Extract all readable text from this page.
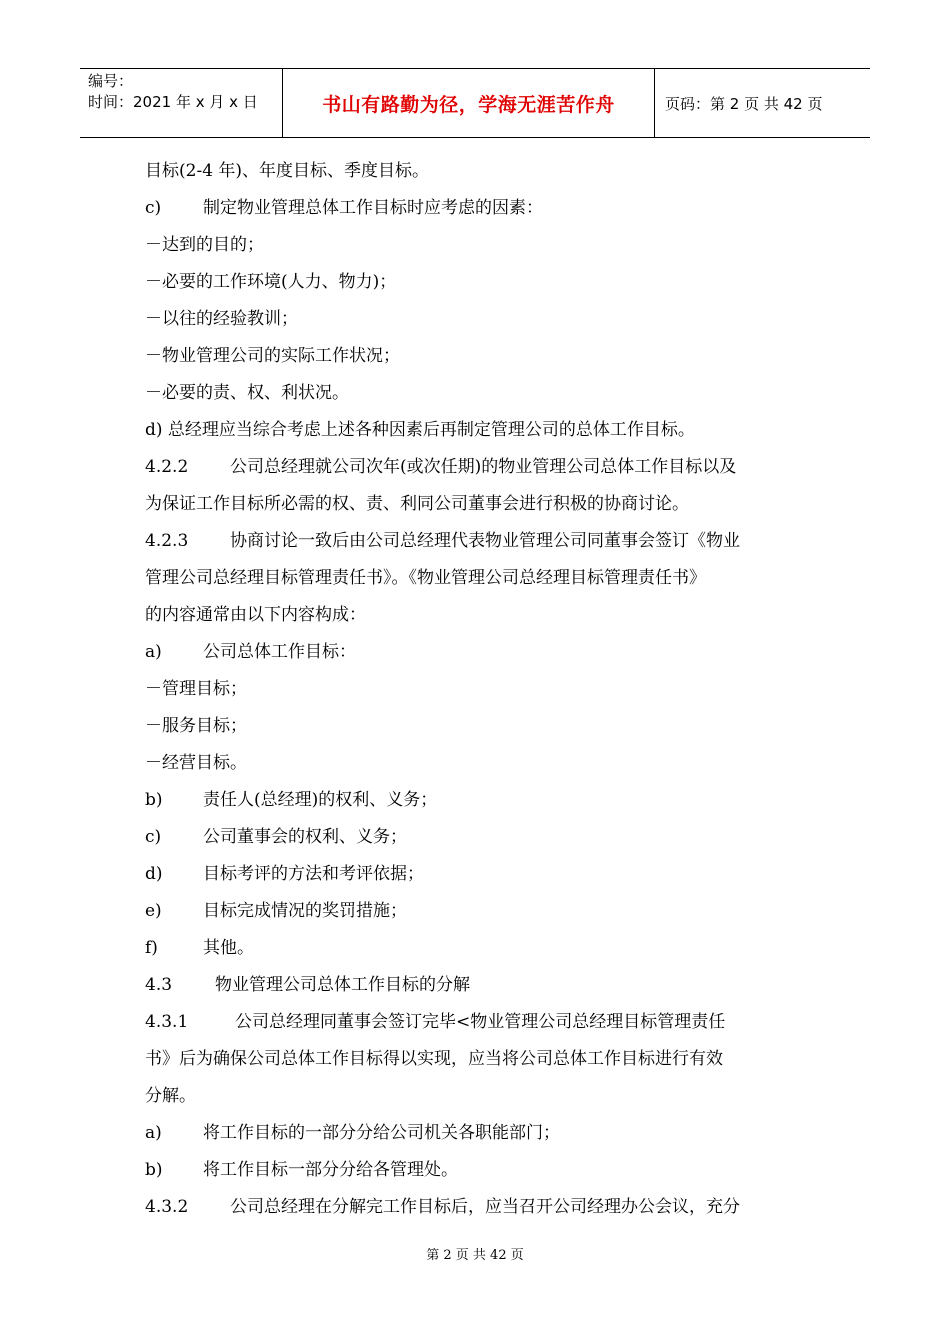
编号：
时间：2021 年 x 月 x 日	书山有路勤为径，学海无涯苦作舟	页码：第 2 页 共 42 页
目标(2-4 年)、年度目标、季度目标。
c) 制定物业管理总体工作目标时应考虑的因素：
－达到的目的；
－必要的工作环境(人力、物力)；
－以往的经验教训；
－物业管理公司的实际工作状况；
－必要的责、权、利状况。
d) 总经理应当综合考虑上述各种因素后再制定管理公司的总体工作目标。
4.2.2 公司总经理就公司次年(或次任期)的物业管理公司总体工作目标以及
为保证工作目标所必需的权、责、利同公司董事会进行积极的协商讨论。
4.2.3 协商讨论一致后由公司总经理代表物业管理公司同董事会签订《物业
管理公司总经理目标管理责任书》。《物业管理公司总经理目标管理责任书》
的内容通常由以下内容构成：
a) 公司总体工作目标：
－管理目标；
－服务目标；
－经营目标。
b) 责任人(总经理)的权利、义务；
c) 公司董事会的权利、义务；
d) 目标考评的方法和考评依据；
e) 目标完成情况的奖罚措施；
f)	其他。
4.3	物业管理公司总体工作目标的分解
4.3.1	公司总经理同董事会签订完毕<物业管理公司总经理目标管理责任
书》后为确保公司总体工作目标得以实现，应当将公司总体工作目标进行有效
分解。
a) 将工作目标的一部分分给公司机关各职能部门；
b) 将工作目标一部分分给各管理处。
4.3.2 公司总经理在分解完工作目标后，应当召开公司经理办公会议，充分
第 2 页 共 42 页
